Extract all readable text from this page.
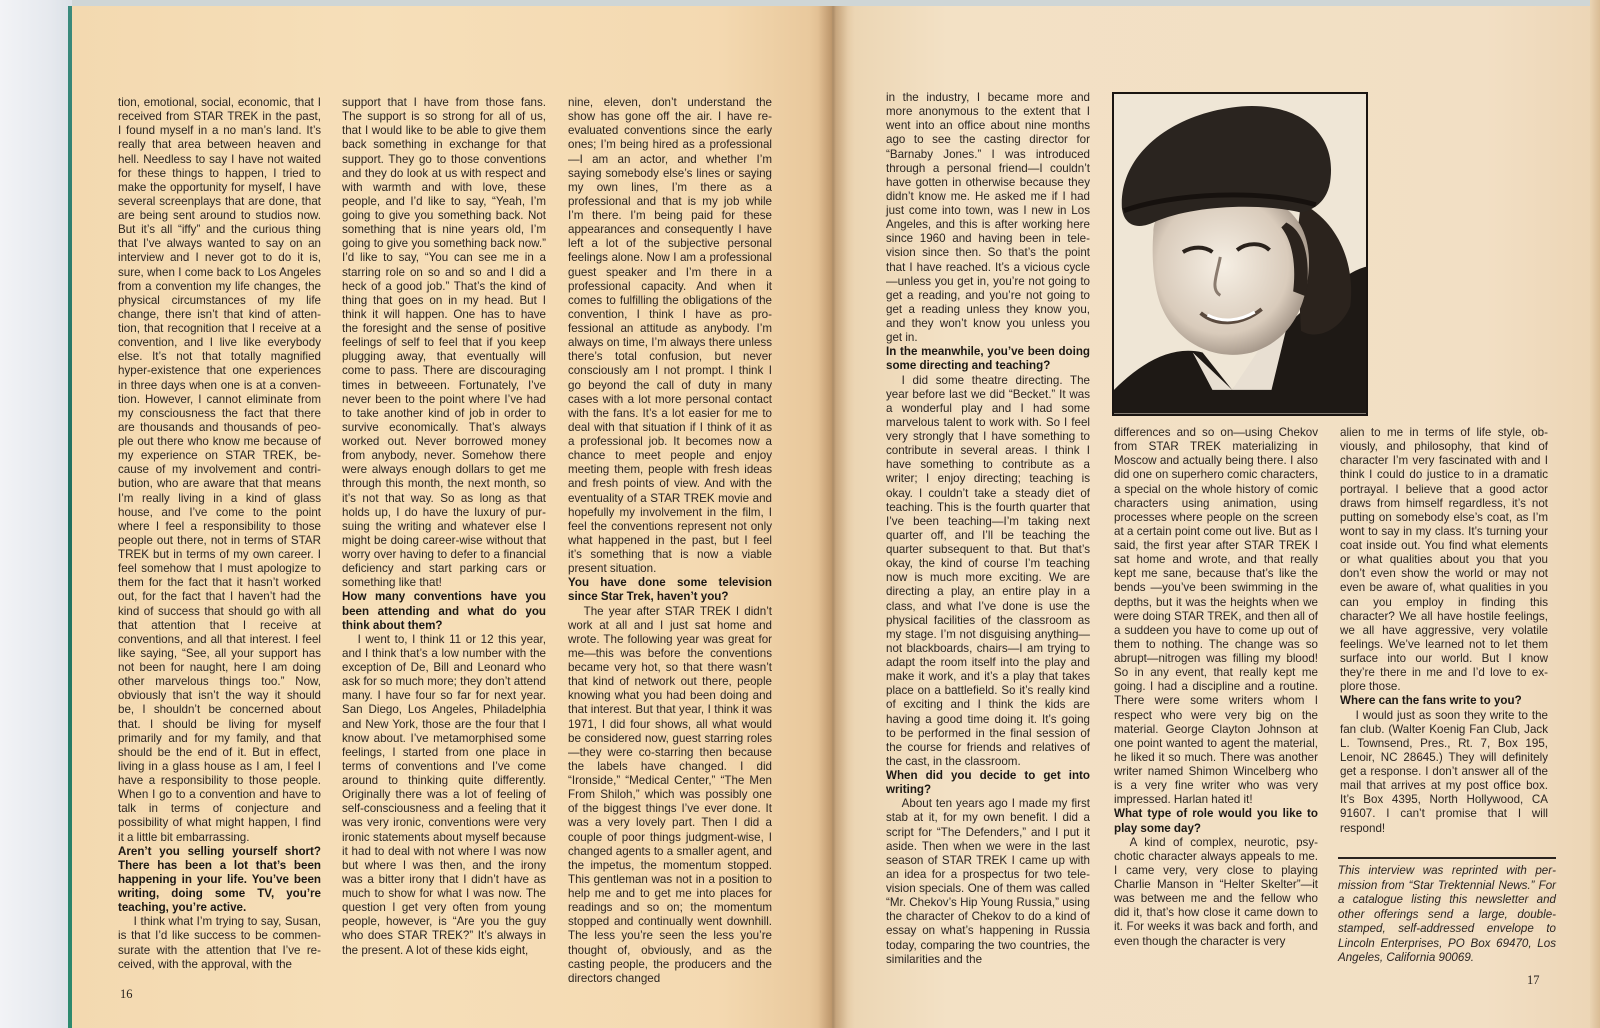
tion, emotional, social, economic, that I received from STAR TREK in the past, I found myself in a no man’s land. It’s really that area between heaven and hell. Needless to say I have not waited for these things to happen, I tried to make the opportunity for myself, I have several screenplays that are done, that are being sent around to studios now. But it’s all “iffy” and the curious thing that I’ve always wanted to say on an interview and I never got to do it is, sure, when I come back to Los Angeles from a convention my life changes, the physical circumstances of my life change, there isn’t that kind of attention, that recognition that I receive at a convention, and I live like everybody else. It’s not that totally magnified hyper-existence that one experiences in three days when one is at a convention. However, I cannot eliminate from my consciousness the fact that there are thousands and thousands of people out there who know me because of my experience on STAR TREK, because of my involvement and contribution, who are aware that that means I’m really living in a kind of glass house, and I’ve come to the point where I feel a responsibility to those people out there, not in terms of STAR TREK but in terms of my own career. I feel somehow that I must apologize to them for the fact that it hasn’t worked out, for the fact that I haven’t had the kind of success that should go with all that attention that I receive at conventions, and all that interest. I feel like saying, “See, all your support has not been for naught, here I am doing other marvelous things too.” Now, obviously that isn’t the way it should be, I shouldn’t be concerned about that. I should be living for myself primarily and for my family, and that should be the end of it. But in effect, living in a glass house as I am, I feel I have a responsibility to those people. When I go to a convention and have to talk in terms of conjecture and possibility of what might happen, I find it a little bit embarrassing.

Aren’t you selling yourself short? There has been a lot that’s been happening in your life. You’ve been writing, doing some TV, you’re teaching, you’re active.

I think what I’m trying to say, Susan, is that I’d like success to be commensurate with the attention that I’ve received, with the approval, with the

support that I have from those fans. The support is so strong for all of us, that I would like to be able to give them back something in exchange for that support. They go to those conventions and they do look at us with respect and with warmth and with love, these people, and I’d like to say, “Yeah, I’m going to give you something back. Not something that is nine years old, I’m going to give you something back now.” I’d like to say, “You can see me in a starring role on so and so and I did a heck of a good job.” That’s the kind of thing that goes on in my head. But I think it will happen. One has to have the foresight and the sense of positive feelings of self to feel that if you keep plugging away, that eventually will come to pass. There are discouraging times in betweeen. Fortunately, I’ve never been to the point where I’ve had to take another kind of job in order to survive economically. That’s always worked out. Never borrowed money from anybody, never. Somehow there were always enough dollars to get me through this month, the next month, so it’s not that way. So as long as that holds up, I do have the luxury of pursuing the writing and whatever else I might be doing career-wise without that worry over having to defer to a financial deficiency and start parking cars or something like that!

How many conventions have you been attending and what do you think about them?

I went to, I think 11 or 12 this year, and I think that’s a low number with the exception of De, Bill and Leonard who ask for so much more; they don’t attend many. I have four so far for next year. San Diego, Los Angeles, Philadelphia and New York, those are the four that I know about. I’ve metamorphised some feelings, I started from one place in terms of conventions and I’ve come around to thinking quite differently. Originally there was a lot of feeling of self-consciousness and a feeling that it was very ironic, conventions were very ironic statements about myself because it had to deal with not where I was now but where I was then, and the irony was a bitter irony that I didn’t have as much to show for what I was now. The question I get very often from young people, however, is “Are you the guy who does STAR TREK?” It’s always in the present. A lot of these kids eight,

nine, eleven, don’t understand the show has gone off the air. I have reevaluated conventions since the early ones; I’m being hired as a professional—I am an actor, and whether I’m saying somebody else’s lines or saying my own lines, I’m there as a professional and that is my job while I’m there. I’m being paid for these appearances and consequently I have left a lot of the subjective personal feelings alone. Now I am a professional guest speaker and I’m there in a professional capacity. And when it comes to fulfilling the obligations of the convention, I think I have as professional an attitude as anybody. I’m always on time, I’m always there unless there’s total confusion, but never consciously am I not prompt. I think I go beyond the call of duty in many cases with a lot more personal contact with the fans. It’s a lot easier for me to deal with that situation if I think of it as a professional job. It becomes now a chance to meet people and enjoy meeting them, people with fresh ideas and fresh points of view. And with the eventuality of a STAR TREK movie and hopefully my involvement in the film, I feel the conventions represent not only what happened in the past, but I feel it’s something that is now a viable present situation.

You have done some television since Star Trek, haven’t you?

The year after STAR TREK I didn’t work at all and I just sat home and wrote. The following year was great for me—this was before the conventions became very hot, so that there wasn’t that kind of network out there, people knowing what you had been doing and that interest. But that year, I think it was 1971, I did four shows, all what would be considered now, guest starring roles—they were co-starring then because the labels have changed. I did “Ironside,” “Medical Center,” “The Men From Shiloh,” which was possibly one of the biggest things I’ve ever done. It was a very lovely part. Then I did a couple of poor things judgment-wise, I changed agents to a smaller agent, and the impetus, the momentum stopped. This gentleman was not in a position to help me and to get me into places for readings and so on; the momentum stopped and continually went downhill. The less you’re seen the less you’re thought of, obviously, and as the casting people, the producers and the directors changed

in the industry, I became more and more anonymous to the extent that I went into an office about nine months ago to see the casting director for “Barnaby Jones.” I was introduced through a personal friend—I couldn’t have gotten in otherwise because they didn’t know me. He asked me if I had just come into town, was I new in Los Angeles, and this is after working here since 1960 and having been in television since then. So that’s the point that I have reached. It’s a vicious cycle—unless you get in, you’re not going to get a reading, and you’re not going to get a reading unless they know you, and they won’t know you unless you get in.

In the meanwhile, you’ve been doing some directing and teaching?

I did some theatre directing. The year before last we did “Becket.” It was a wonderful play and I had some marvelous talent to work with. So I feel very strongly that I have something to contribute in several areas. I think I have something to contribute as a writer; I enjoy directing; teaching is okay. I couldn’t take a steady diet of teaching. This is the fourth quarter that I’ve been teaching—I’m taking next quarter off, and I’ll be teaching the quarter subsequent to that. But that’s okay, the kind of course I’m teaching now is much more exciting. We are directing a play, an entire play in a class, and what I’ve done is use the physical facilities of the classroom as my stage. I’m not disguising anything—not blackboards, chairs—I am trying to adapt the room itself into the play and make it work, and it’s a play that takes place on a battlefield. So it’s really kind of exciting and I think the kids are having a good time doing it. It’s going to be performed in the final session of the course for friends and relatives of the cast, in the classroom.

When did you decide to get into writing?

About ten years ago I made my first stab at it, for my own benefit. I did a script for “The Defenders,” and I put it aside. Then when we were in the last season of STAR TREK I came up with an idea for a prospectus for two television specials. One of them was called “Mr. Chekov’s Hip Young Russia,” using the character of Chekov to do a kind of essay on what’s happening in Russia today, comparing the two countries, the similarities and the

differences and so on—using Chekov from STAR TREK materializing in Moscow and actually being there. I also did one on superhero comic characters, a special on the whole history of comic characters using animation, using processes where people on the screen at a certain point come out live. But as I said, the first year after STAR TREK I sat home and wrote, and that really kept me sane, because that’s like the bends —you’ve been swimming in the depths, but it was the heights when we were doing STAR TREK, and then all of a suddeen you have to come up out of them to nothing. The change was so abrupt—nitrogen was filling my blood! So in any event, that really kept me going. I had a discipline and a routine. There were some writers whom I respect who were very big on the material. George Clayton Johnson at one point wanted to agent the material, he liked it so much. There was another writer named Shimon Wincelberg who is a very fine writer who was very impressed. Harlan hated it!

What type of role would you like to play some day?

A kind of complex, neurotic, psychotic character always appeals to me. I came very, very close to playing Charlie Manson in “Helter Skelter”—it was between me and the fellow who did it, that’s how close it came down to it. For weeks it was back and forth, and even though the character is very

alien to me in terms of life style, obviously, and philosophy, that kind of character I’m very fascinated with and I think I could do justice to in a dramatic portrayal. I believe that a good actor draws from himself regardless, it’s not putting on somebody else’s coat, as I’m wont to say in my class. It’s turning your coat inside out. You find what elements or what qualities about you that you don’t even show the world or may not even be aware of, what qualities in you can you employ in finding this character? We all have hostile feelings, we all have aggressive, very volatile feelings. We’ve learned not to let them surface into our world. But I know they’re there in me and I’d love to explore those.

Where can the fans write to you?

I would just as soon they write to the fan club. (Walter Koenig Fan Club, Jack L. Townsend, Pres., Rt. 7, Box 195, Lenoir, NC 28645.) They will definitely get a response. I don’t answer all of the mail that arrives at my post office box. It’s Box 4395, North Hollywood, CA 91607. I can’t promise that I will respond!

This interview was reprinted with permission from “Star Trektennial News.” For a catalogue listing this newsletter and other offerings send a large, double-stamped, self-addressed envelope to Lincoln Enterprises, PO Box 69470, Los Angeles, California 90069.
16
17
